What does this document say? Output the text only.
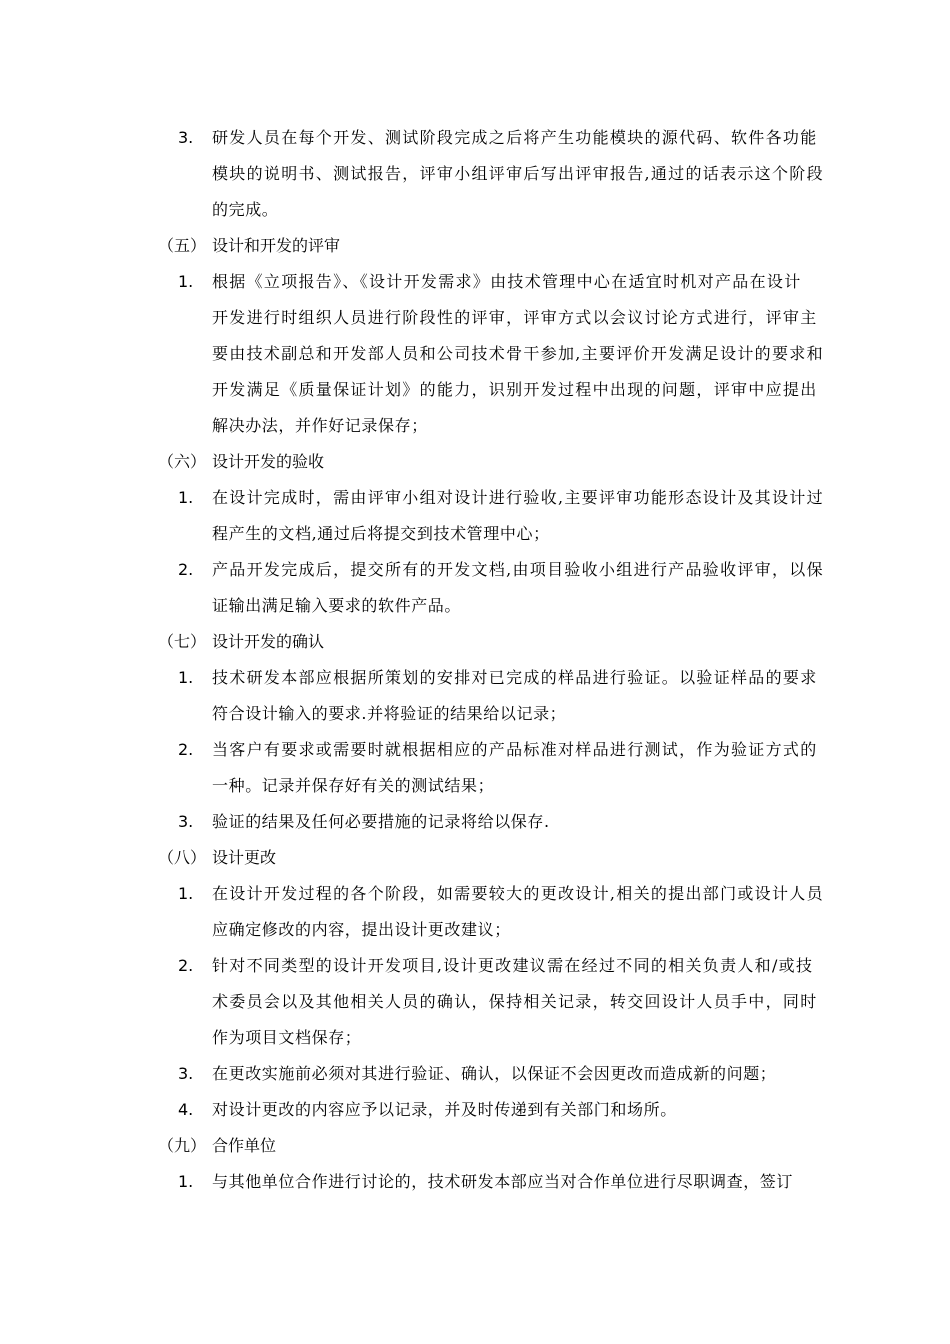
3. 研发人员在每个开发、测试阶段完成之后将产生功能模块的源代码、软件各功能
模块的说明书、测试报告，评审小组评审后写出评审报告,通过的话表示这个阶段
的完成。
（五） 设计和开发的评审
1. 根据《立项报告》、《设计开发需求》由技术管理中心在适宜时机对产品在设计
开发进行时组织人员进行阶段性的评审，评审方式以会议讨论方式进行，评审主
要由技术副总和开发部人员和公司技术骨干参加,主要评价开发满足设计的要求和
开发满足《质量保证计划》的能力，识别开发过程中出现的问题，评审中应提出
解决办法，并作好记录保存；
（六） 设计开发的验收
1. 在设计完成时，需由评审小组对设计进行验收,主要评审功能形态设计及其设计过
程产生的文档,通过后将提交到技术管理中心；
2. 产品开发完成后，提交所有的开发文档,由项目验收小组进行产品验收评审，以保
证输出满足输入要求的软件产品。
（七） 设计开发的确认
1. 技术研发本部应根据所策划的安排对已完成的样品进行验证。以验证样品的要求
符合设计输入的要求.并将验证的结果给以记录；
2. 当客户有要求或需要时就根据相应的产品标准对样品进行测试，作为验证方式的
一种。记录并保存好有关的测试结果；
3. 验证的结果及任何必要措施的记录将给以保存.
（八） 设计更改
1. 在设计开发过程的各个阶段，如需要较大的更改设计,相关的提出部门或设计人员
应确定修改的内容，提出设计更改建议；
2. 针对不同类型的设计开发项目,设计更改建议需在经过不同的相关负责人和/或技
术委员会以及其他相关人员的确认，保持相关记录，转交回设计人员手中，同时
作为项目文档保存；
3. 在更改实施前必须对其进行验证、确认，以保证不会因更改而造成新的问题；
4. 对设计更改的内容应予以记录，并及时传递到有关部门和场所。
（九） 合作单位
1. 与其他单位合作进行讨论的，技术研发本部应当对合作单位进行尽职调查，签订
